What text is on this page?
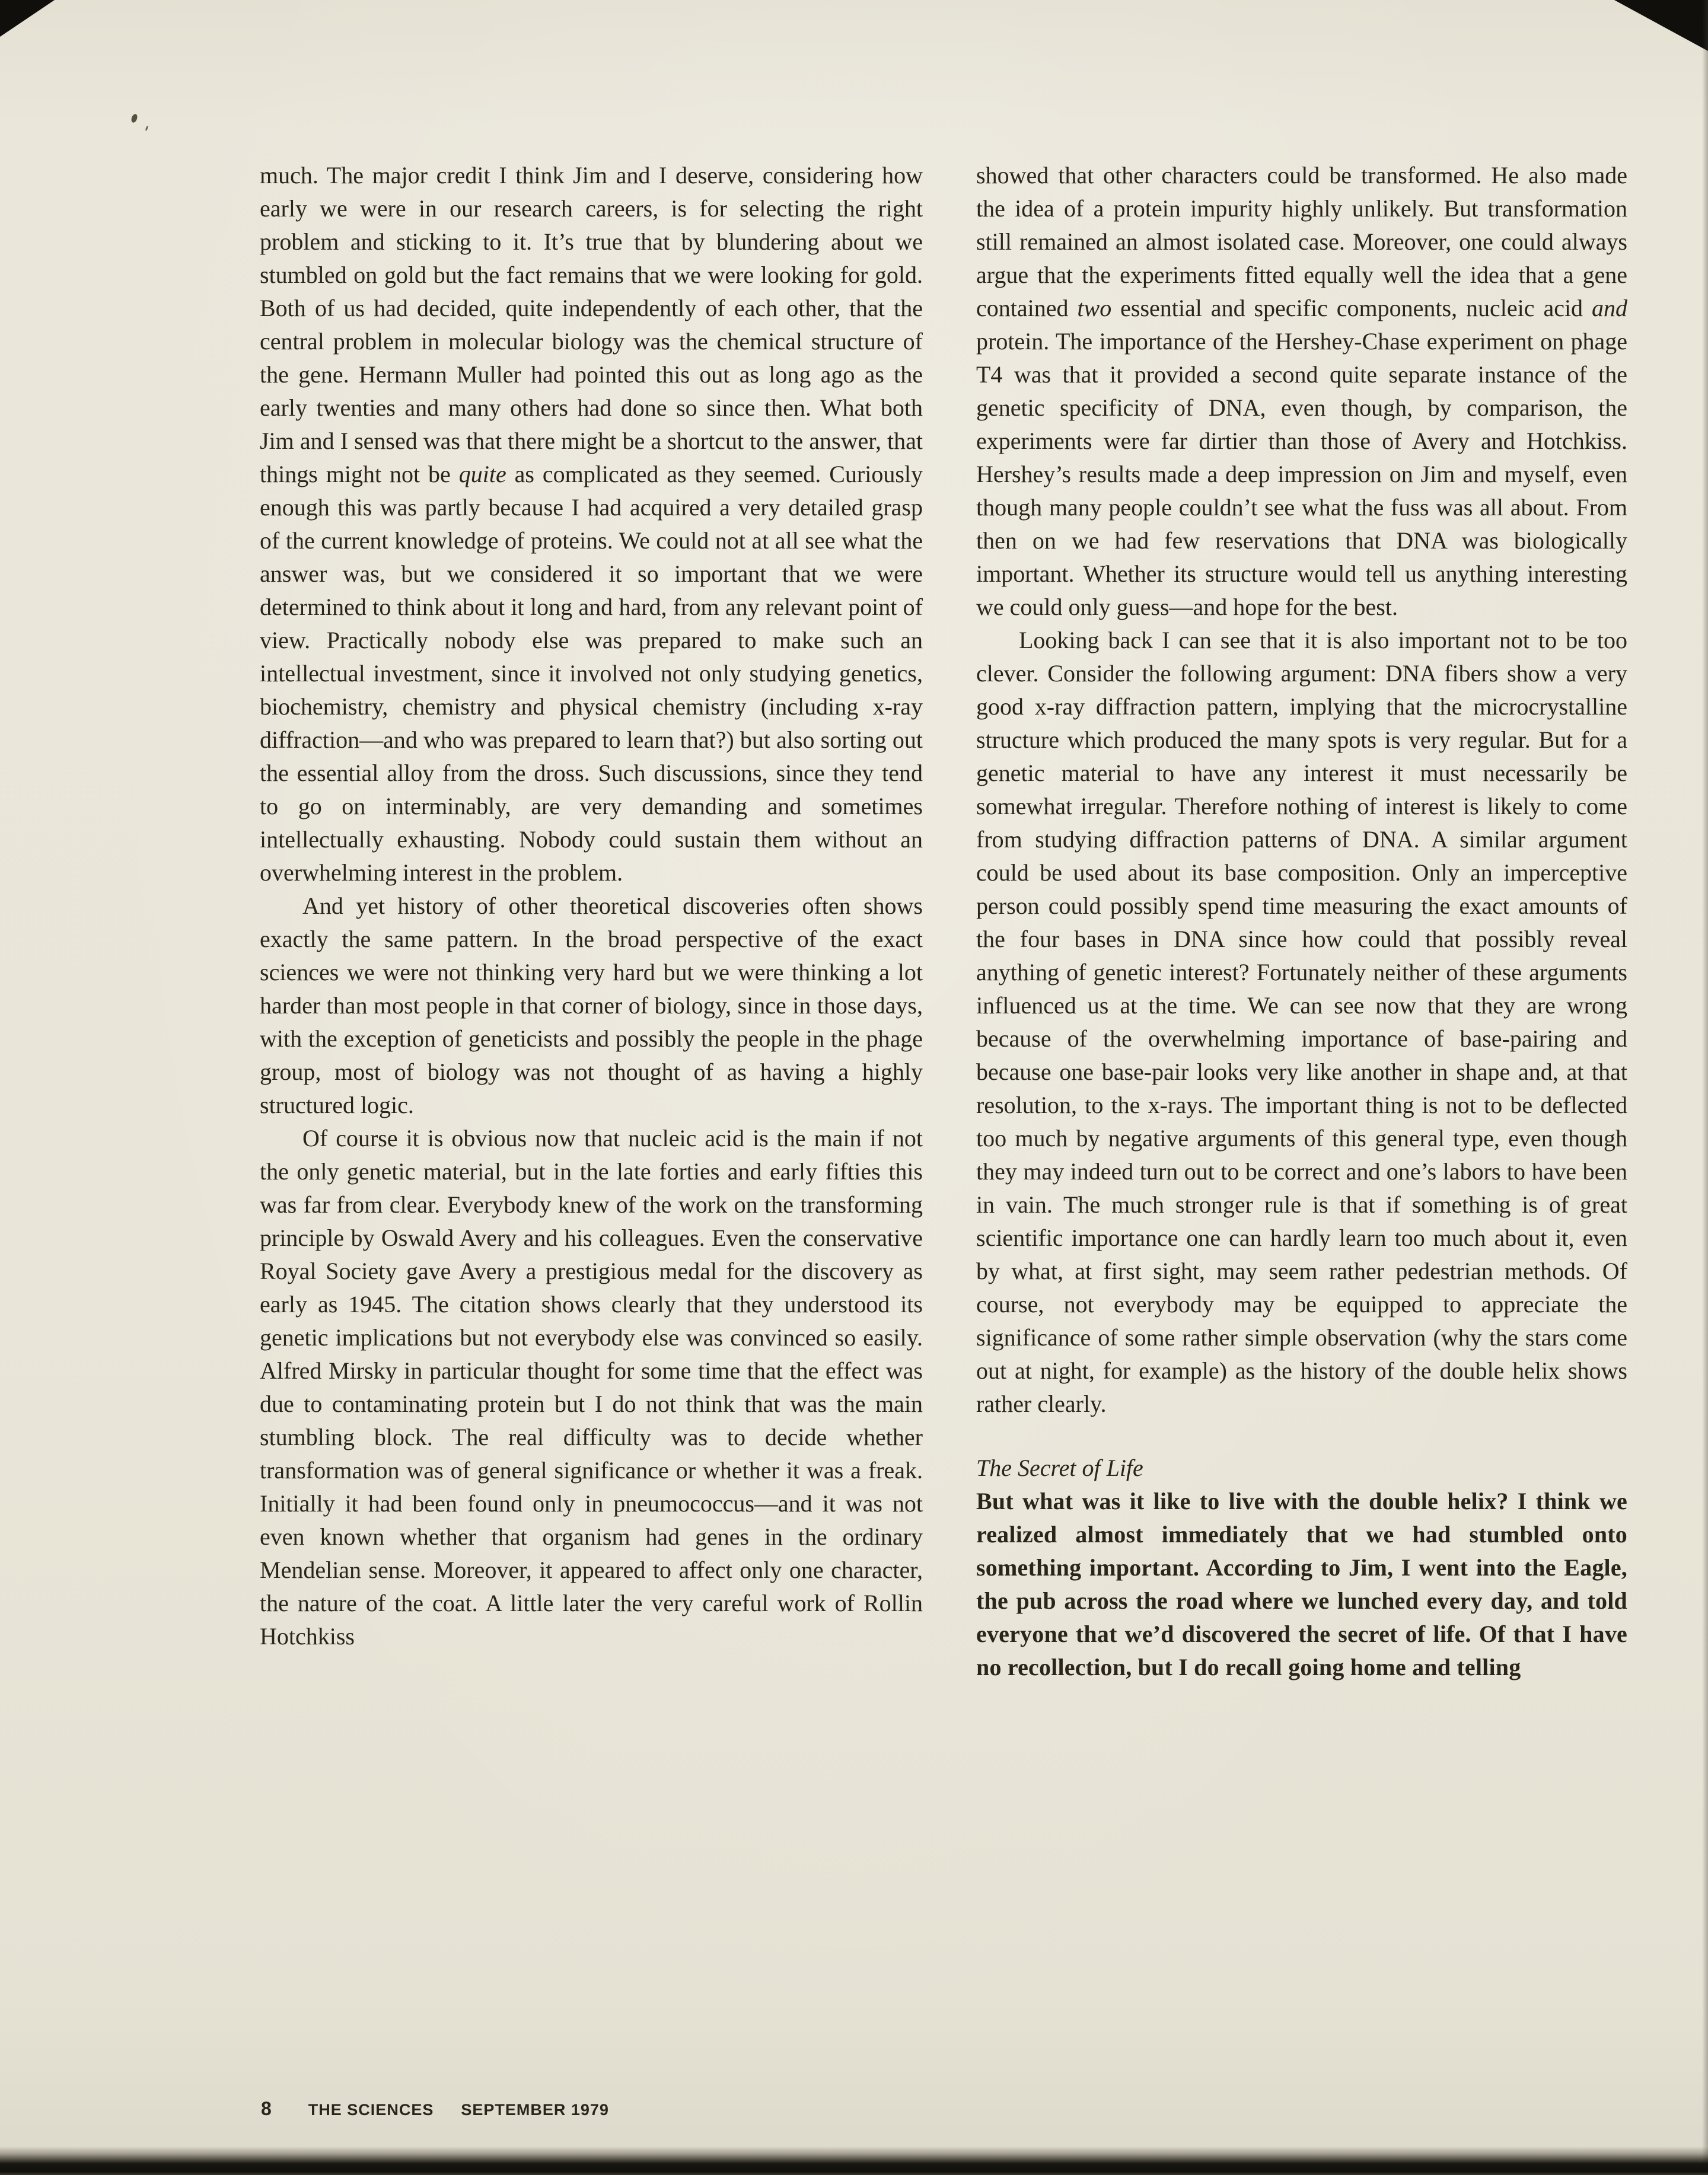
much. The major credit I think Jim and I deserve, considering how early we were in our research careers, is for selecting the right problem and sticking to it. It’s true that by blundering about we stumbled on gold but the fact remains that we were looking for gold. Both of us had decided, quite independently of each other, that the central problem in molecular biology was the chemical structure of the gene. Hermann Muller had pointed this out as long ago as the early twenties and many others had done so since then. What both Jim and I sensed was that there might be a shortcut to the answer, that things might not be quite as complicated as they seemed. Curiously enough this was partly because I had acquired a very detailed grasp of the current knowledge of proteins. We could not at all see what the answer was, but we considered it so important that we were determined to think about it long and hard, from any relevant point of view. Practically nobody else was prepared to make such an intellectual investment, since it involved not only studying genetics, biochemistry, chemistry and physical chemistry (including x-ray diffraction—and who was prepared to learn that?) but also sorting out the essential alloy from the dross. Such discussions, since they tend to go on interminably, are very demanding and sometimes intellectually exhausting. Nobody could sustain them without an overwhelming interest in the problem.

And yet history of other theoretical discoveries often shows exactly the same pattern. In the broad perspective of the exact sciences we were not thinking very hard but we were thinking a lot harder than most people in that corner of biology, since in those days, with the exception of geneticists and possibly the people in the phage group, most of biology was not thought of as having a highly structured logic.

Of course it is obvious now that nucleic acid is the main if not the only genetic material, but in the late forties and early fifties this was far from clear. Everybody knew of the work on the transforming principle by Oswald Avery and his colleagues. Even the conservative Royal Society gave Avery a prestigious medal for the discovery as early as 1945. The citation shows clearly that they understood its genetic implications but not everybody else was convinced so easily. Alfred Mirsky in particular thought for some time that the effect was due to contaminating protein but I do not think that was the main stumbling block. The real difficulty was to decide whether transformation was of general significance or whether it was a freak. Initially it had been found only in pneumococcus—and it was not even known whether that organism had genes in the ordinary Mendelian sense. Moreover, it appeared to affect only one character, the nature of the coat. A little later the very careful work of Rollin Hotchkiss

showed that other characters could be transformed. He also made the idea of a protein impurity highly unlikely. But transformation still remained an almost isolated case. Moreover, one could always argue that the experiments fitted equally well the idea that a gene contained two essential and specific components, nucleic acid and protein. The importance of the Hershey-Chase experiment on phage T4 was that it provided a second quite separate instance of the genetic specificity of DNA, even though, by comparison, the experiments were far dirtier than those of Avery and Hotchkiss. Hershey’s results made a deep impression on Jim and myself, even though many people couldn’t see what the fuss was all about. From then on we had few reservations that DNA was biologically important. Whether its structure would tell us anything interesting we could only guess—and hope for the best.

Looking back I can see that it is also important not to be too clever. Consider the following argument: DNA fibers show a very good x-ray diffraction pattern, implying that the microcrystalline structure which produced the many spots is very regular. But for a genetic material to have any interest it must necessarily be somewhat irregular. Therefore nothing of interest is likely to come from studying diffraction patterns of DNA. A similar argument could be used about its base composition. Only an imperceptive person could possibly spend time measuring the exact amounts of the four bases in DNA since how could that possibly reveal anything of genetic interest? Fortunately neither of these arguments influenced us at the time. We can see now that they are wrong because of the overwhelming importance of base-pairing and because one base-pair looks very like another in shape and, at that resolution, to the x-rays. The important thing is not to be deflected too much by negative arguments of this general type, even though they may indeed turn out to be correct and one’s labors to have been in vain. The much stronger rule is that if something is of great scientific importance one can hardly learn too much about it, even by what, at first sight, may seem rather pedestrian methods. Of course, not everybody may be equipped to appreciate the significance of some rather simple observation (why the stars come out at night, for example) as the history of the double helix shows rather clearly.

The Secret of Life

But what was it like to live with the double helix? I think we realized almost immediately that we had stumbled onto something important. According to Jim, I went into the Eagle, the pub across the road where we lunched every day, and told everyone that we’d discovered the secret of life. Of that I have no recollection, but I do recall going home and telling

8 THE SCIENCES SEPTEMBER 1979
